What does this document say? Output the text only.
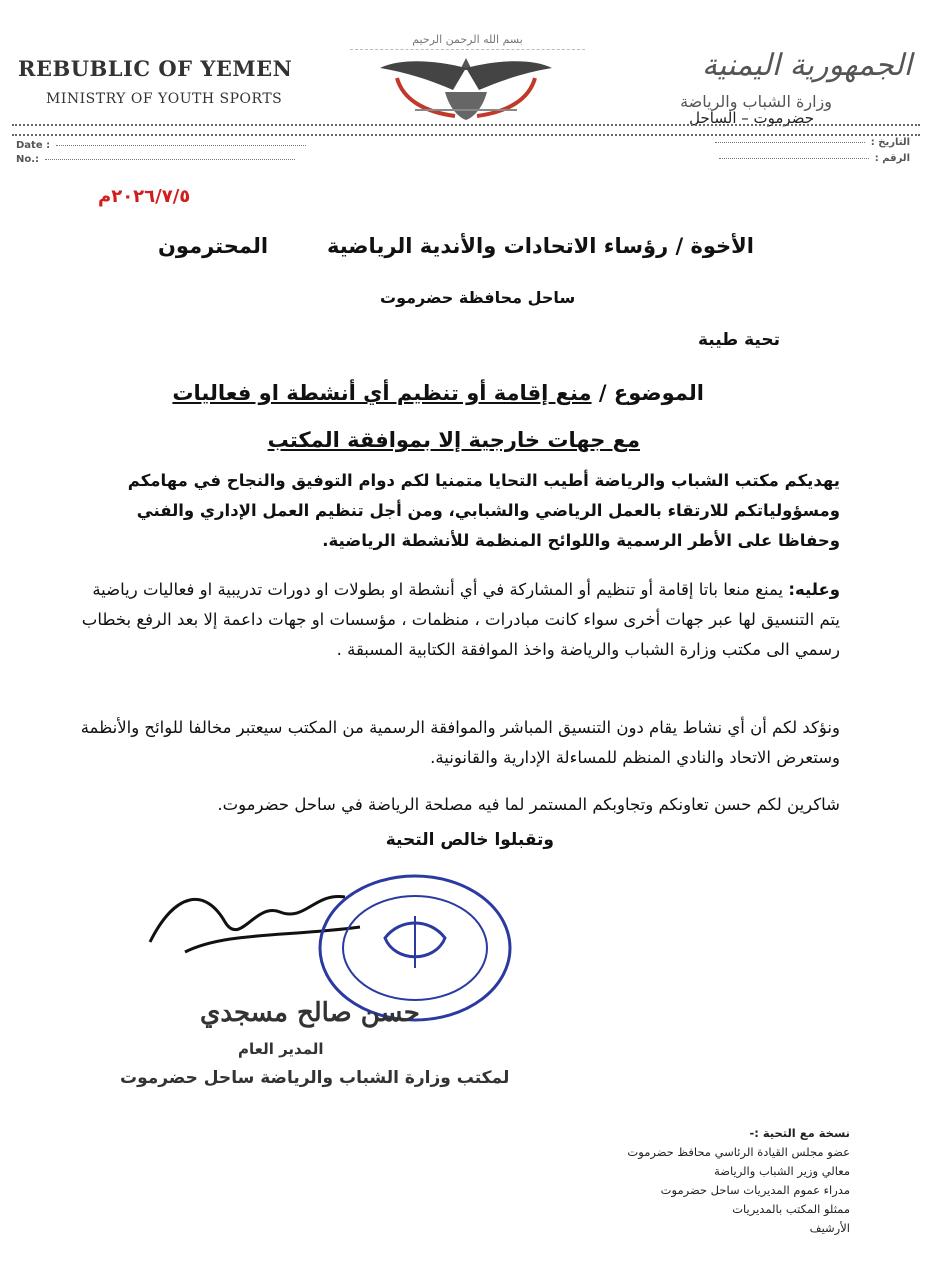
REBUBLIC OF YEMEN
MINISTRY OF YOUTH SPORTS
بسم الله الرحمن الرحيم
الجمهورية اليمنية
وزارة الشباب والرياضة
حضرموت – الساحل
Date :
No.:
التاريخ :
الرقم :
٢٠٢٦/٧/٥م
الأخوة / رؤساء الاتحادات والأندية الرياضية
المحترمون
ساحل محافظة حضرموت
تحية طيبة
الموضوع / منع إقامة أو تنظيم أي أنشطة او فعاليات
مع جهات خارجية إلا بموافقة المكتب
يهديكم مكتب الشباب والرياضة أطيب التحايا متمنيا لكم دوام التوفيق والنجاح في مهامكم ومسؤولياتكم للارتقاء بالعمل الرياضي والشبابي، ومن أجل تنظيم العمل الإداري والفني وحفاظا على الأطر الرسمية واللوائح المنظمة للأنشطة الرياضية.
وعليه: يمنع منعا باتا إقامة أو تنظيم أو المشاركة في أي أنشطة او بطولات او دورات تدريبية او فعاليات رياضية يتم التنسيق لها عبر جهات أخرى سواء كانت مبادرات ، منظمات ، مؤسسات او جهات داعمة إلا بعد الرفع بخطاب رسمي الى مكتب وزارة الشباب والرياضة واخذ الموافقة الكتابية المسبقة .
ونؤكد لكم أن أي نشاط يقام دون التنسيق المباشر والموافقة الرسمية من المكتب سيعتبر مخالفا للوائح والأنظمة وستعرض الاتحاد والنادي المنظم للمساءلة الإدارية والقانونية.
شاكرين لكم حسن تعاونكم وتجاوبكم المستمر لما فيه مصلحة الرياضة في ساحل حضرموت.
وتقبلوا خالص التحية
حسن صالح مسجدي
المدير العام
لمكتب وزارة الشباب والرياضة ساحل حضرموت
نسخة مع التحية :-
عضو مجلس القيادة الرئاسي محافظ حضرموت
معالي وزير الشباب والرياضة
مدراء عموم المديريات ساحل حضرموت
ممثلو المكتب بالمديريات
الأرشيف
